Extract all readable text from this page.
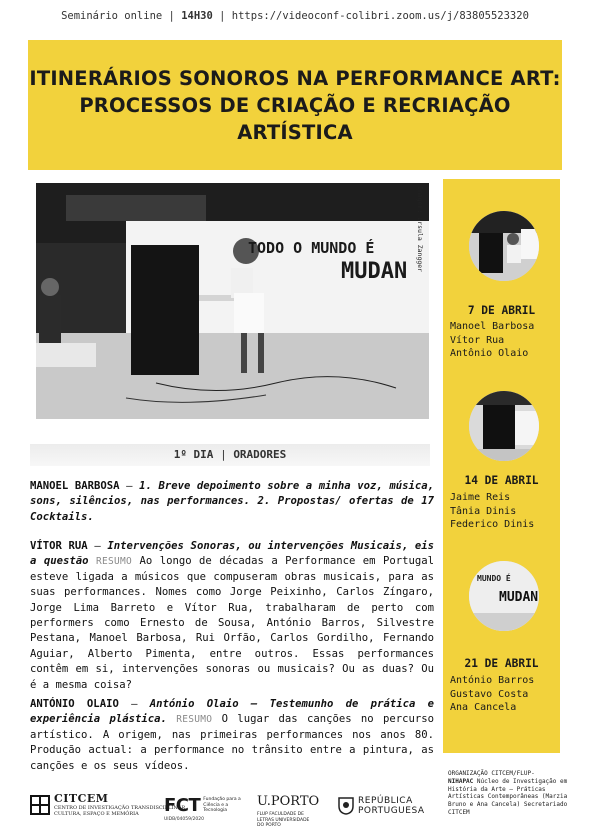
Seminário online | 14H30 | https://videoconf-colibri.zoom.us/j/83805523320
ITINERÁRIOS SONOROS NA PERFORMANCE ART:
PROCESSOS DE CRIAÇÃO E RECRIAÇÃO
ARTÍSTICA
TODO O MUNDO É
MUDAN Imagem: Ursula Zangger
1º DIA | ORADORES
MANOEL BARBOSA – 1. Breve depoimento sobre a minha voz, música, sons, silêncios, nas performances. 2. Propostas/ ofertas de 17 Cocktails.
VÍTOR RUA – Intervenções Sonoras, ou intervenções Musicais, eis a questão RESUMO Ao longo de décadas a Performance em Portugal esteve ligada a músicos que compuseram obras musicais, para as suas performances. Nomes como Jorge Peixinho, Carlos Zíngaro, Jorge Lima Barreto e Vítor Rua, trabalharam de perto com performers como Ernesto de Sousa, António Barros, Silvestre Pestana, Manoel Barbosa, Rui Orfão, Carlos Gordilho, Fernando Aguiar, Alberto Pimenta, entre outros. Essas performances contêm em si, intervenções sonoras ou musicais? Ou as duas? Ou é a mesma coisa?
ANTÓNIO OLAIO – António Olaio – Testemunho de prática e experiência plástica. RESUMO O lugar das canções no percurso artístico. A origem, nas primeiras performances nos anos 80. Produção actual: a performance no trânsito entre a pintura, as canções e os seus vídeos.
7 DE ABRIL
Manoel Barbosa
Vítor Rua
Antônio Olaio
14 DE ABRIL
Jaime Reis
Tânia Dinis
Federico Dinis
MUNDO É
MUDAN
21 DE ABRIL
António Barros
Gustavo Costa
Ana Cancela
ORGANIZAÇÃO CITCEM/FLUP-
NIHAPAC Núcleo de Investigação em História da Arte – Práticas Artísticas Contemporâneas (Marzia Bruno e Ana Cancela) Secretariado CITCEM
CITCEM
CENTRO DE INVESTIGAÇÃO TRANSDISCIPLINAR
CULTURA, ESPAÇO E MEMÓRIA	FCT Fundação para a Ciência e a Tecnologia
UIDB/04059/2020
U.PORTO
FLUP FACULDADE DE LETRAS UNIVERSIDADE DO PORTO
REPÚBLICA
PORTUGUESA
